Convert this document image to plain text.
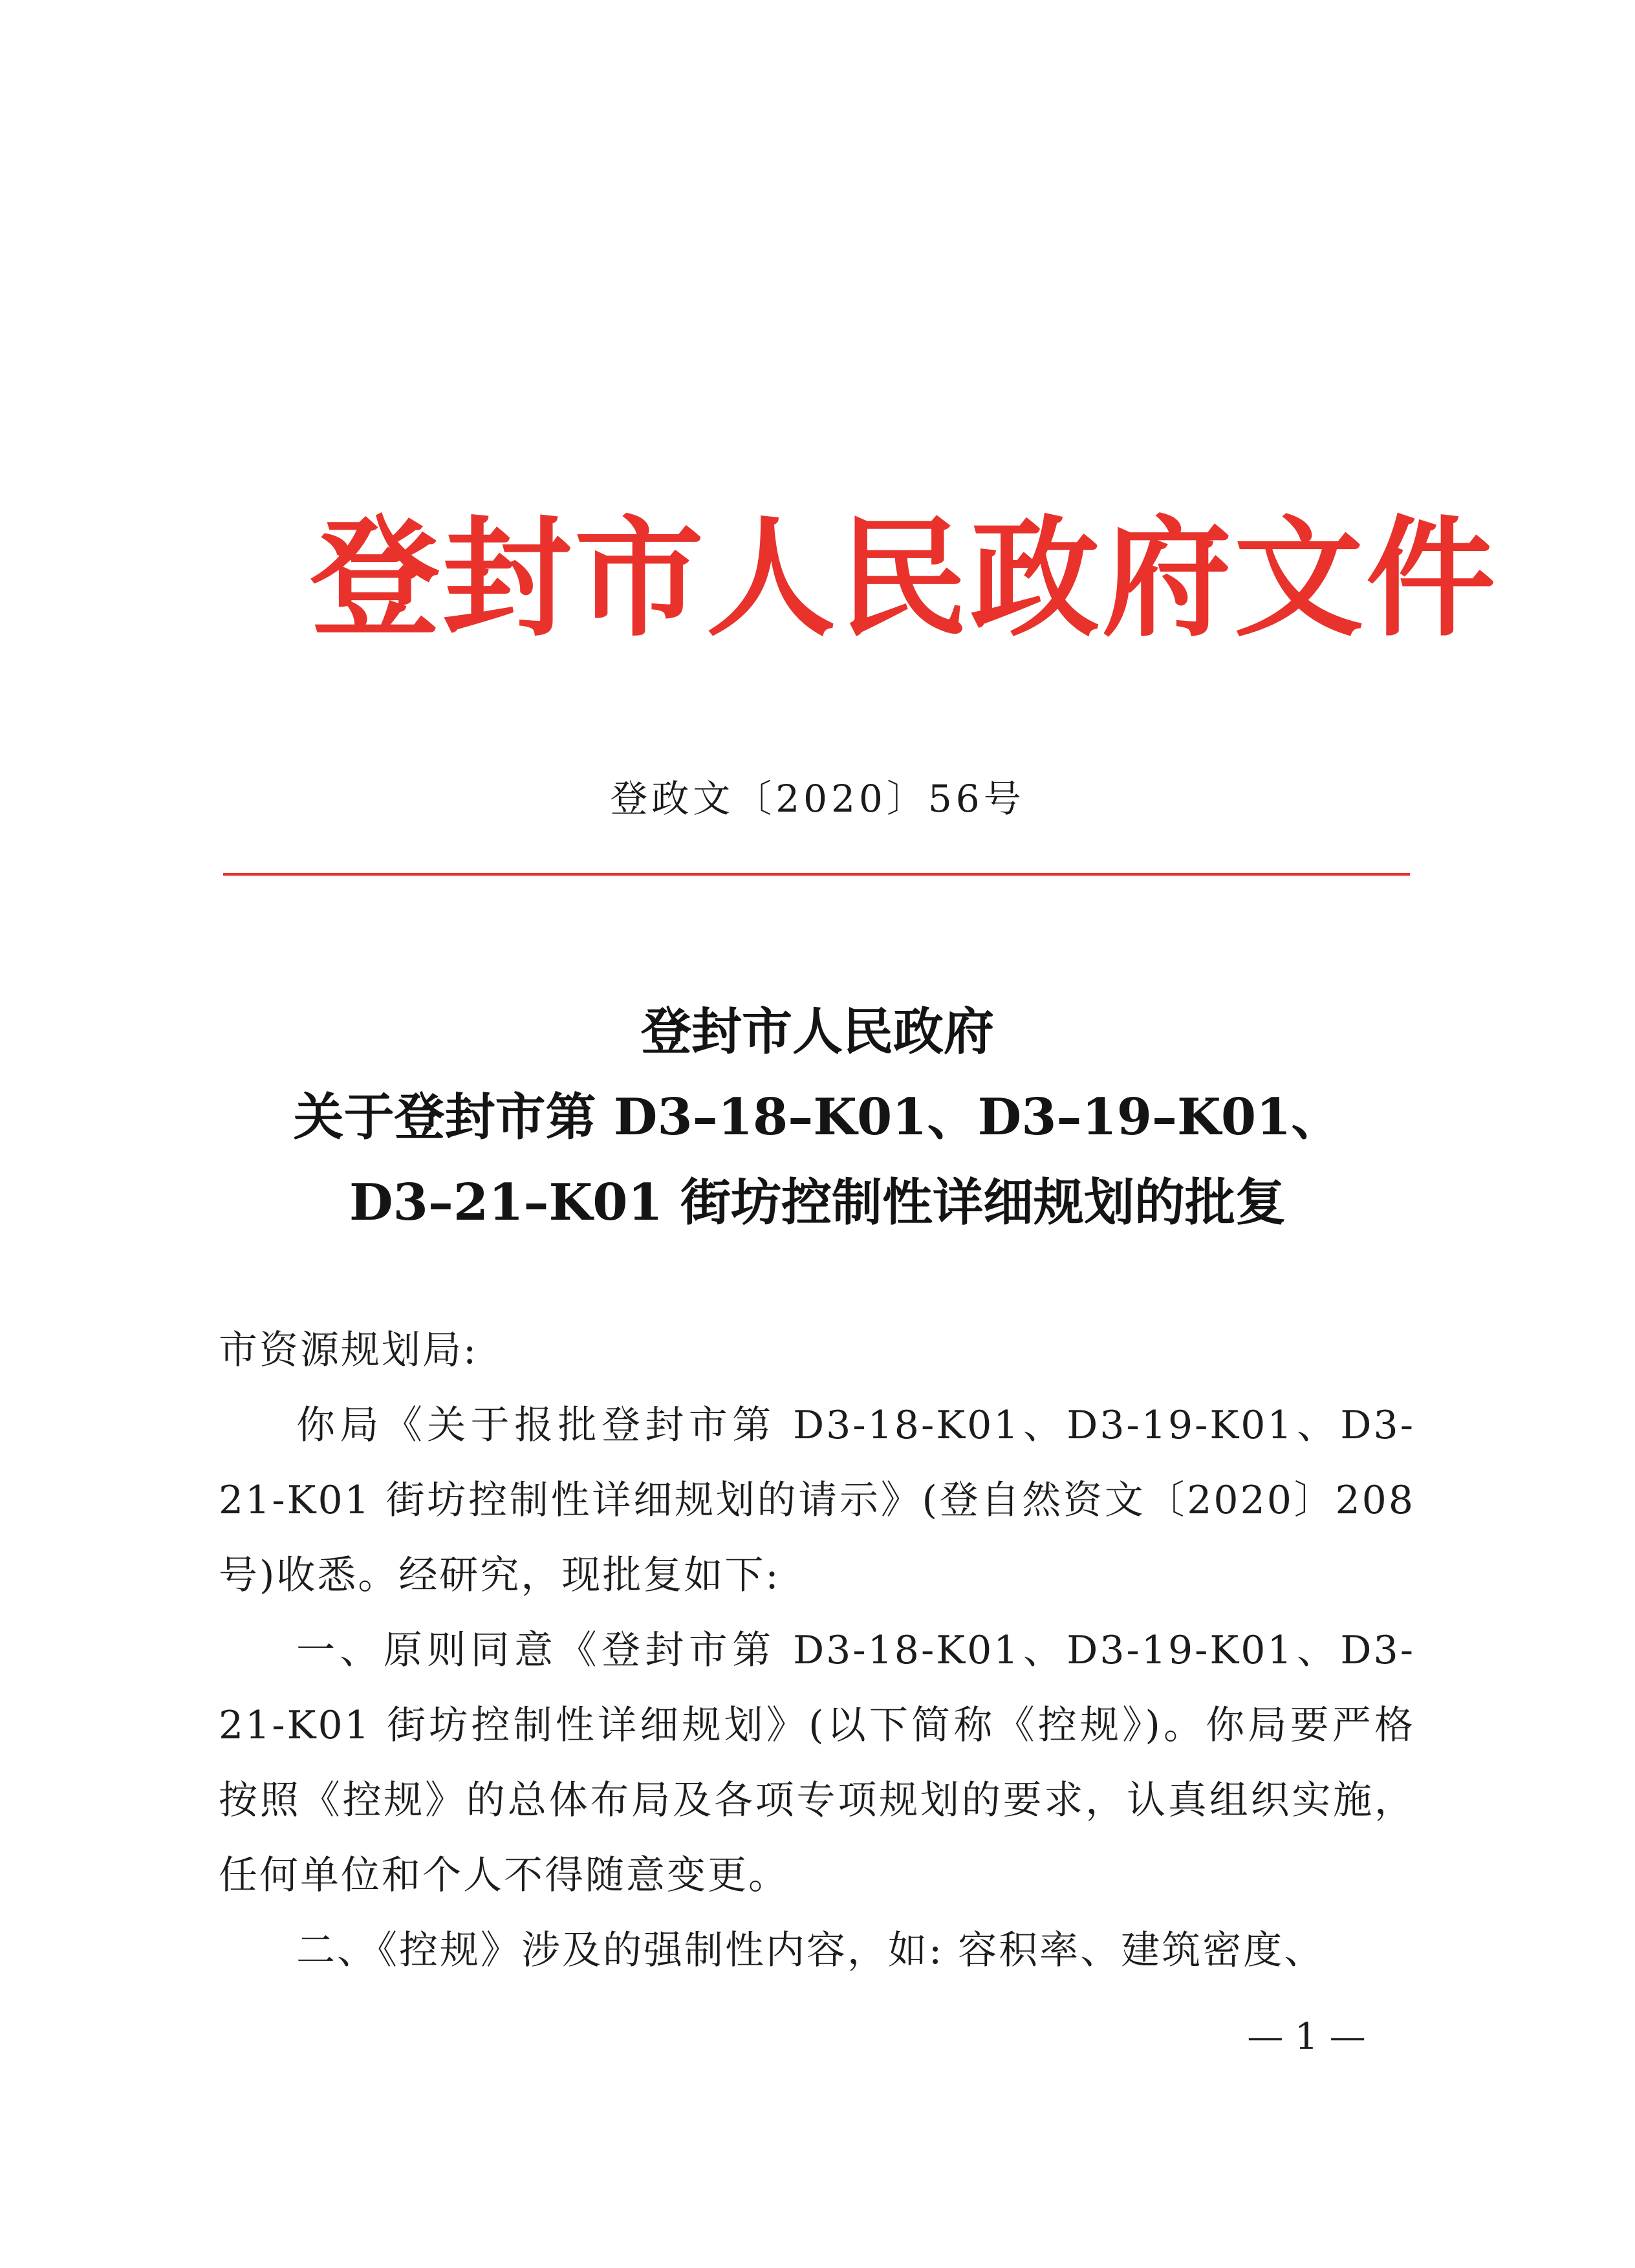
登封市人民政府文件
登政文〔2020〕56号
登封市人民政府
关于登封市第 D3–18–K01、D3–19–K01、
D3–21–K01 街坊控制性详细规划的批复
市资源规划局:
你局《关于报批登封市第 D3-18-K01、D3-19-K01、D3-21-K01 街坊控制性详细规划的请示》(登自然资文〔2020〕208 号)收悉。经研究，现批复如下:
一、原则同意《登封市第 D3-18-K01、D3-19-K01、D3-21-K01 街坊控制性详细规划》(以下简称《控规》)。你局要严格按照《控规》的总体布局及各项专项规划的要求，认真组织实施，任何单位和个人不得随意变更。
二、《控规》涉及的强制性内容，如: 容积率、建筑密度、
— 1 —
